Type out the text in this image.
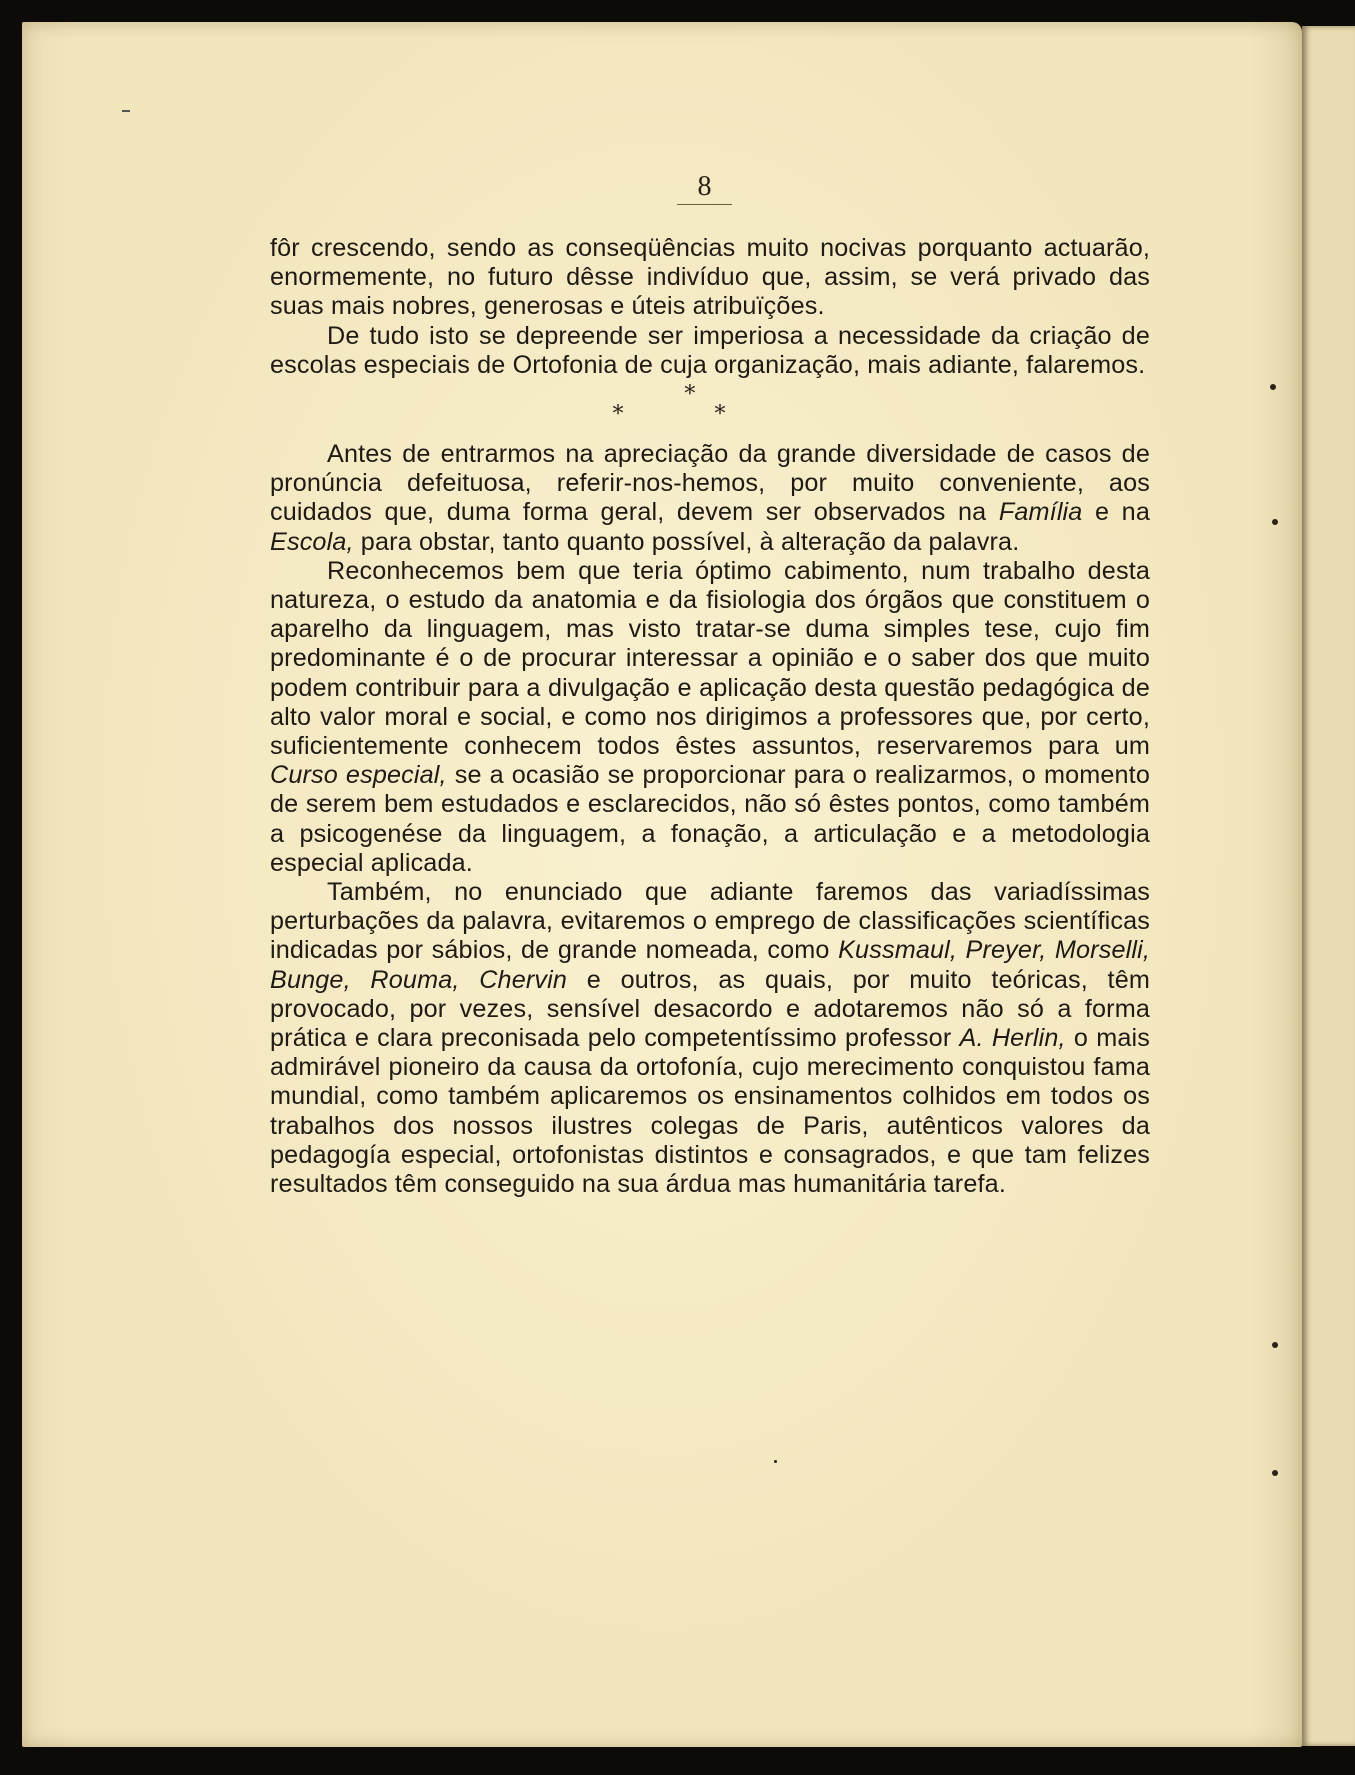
8

fôr crescendo, sendo as conseqüências muito nocivas porquanto actuarão, enormemente, no futuro dêsse indivíduo que, assim, se verá privado das suas mais nobres, generosas e úteis atribuïções.

De tudo isto se depreende ser imperiosa a necessidade da criação de escolas especiais de Ortofonia de cuja organização, mais adiante, falaremos.

*
* *

Antes de entrarmos na apreciação da grande diversidade de casos de pronúncia defeituosa, referir-nos-hemos, por muito conveniente, aos cuidados que, duma forma geral, devem ser observados na Família e na Escola, para obstar, tanto quanto possível, à alteração da palavra.

Reconhecemos bem que teria óptimo cabimento, num trabalho desta natureza, o estudo da anatomia e da fisiologia dos órgãos que constituem o aparelho da linguagem, mas visto tratar-se duma simples tese, cujo fim predominante é o de procurar interessar a opinião e o saber dos que muito podem contribuir para a divulgação e aplicação desta questão pedagógica de alto valor moral e social, e como nos dirigimos a professores que, por certo, suficientemente conhecem todos êstes assuntos, reservaremos para um Curso especial, se a ocasião se proporcionar para o realizarmos, o momento de serem bem estudados e esclarecidos, não só êstes pontos, como também a psicogenése da linguagem, a fonação, a articulação e a metodologia especial aplicada.

Também, no enunciado que adiante faremos das variadíssimas perturbações da palavra, evitaremos o emprego de classificações scientíficas indicadas por sábios, de grande nomeada, como Kussmaul, Preyer, Morselli, Bunge, Rouma, Chervin e outros, as quais, por muito teóricas, têm provocado, por vezes, sensível desacordo e adotaremos não só a forma prática e clara preconisada pelo competentíssimo professor A. Herlin, o mais admirável pioneiro da causa da ortofonía, cujo merecimento conquistou fama mundial, como também aplicaremos os ensinamentos colhidos em todos os trabalhos dos nossos ilustres colegas de Paris, autênticos valores da pedagogía especial, ortofonistas distintos e consagrados, e que tam felizes resultados têm conseguido na sua árdua mas humanitária tarefa.
